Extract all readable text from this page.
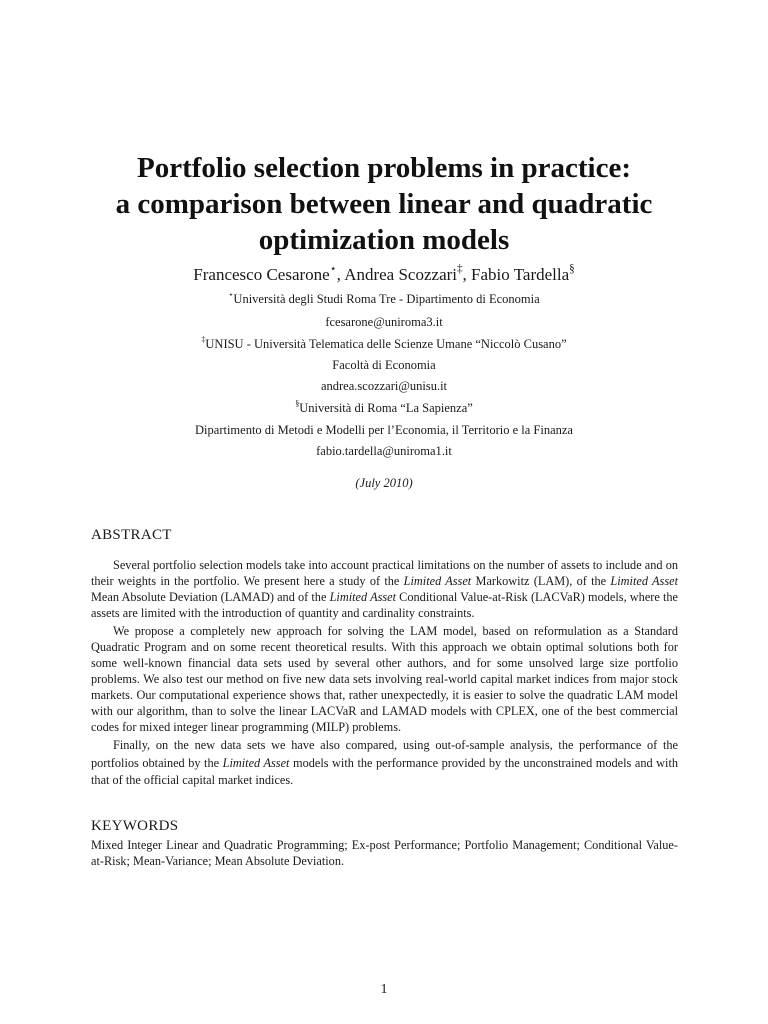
Portfolio selection problems in practice:
a comparison between linear and quadratic
optimization models
Francesco Cesarone⋆, Andrea Scozzari‡, Fabio Tardella§
⋆Università degli Studi Roma Tre - Dipartimento di Economia
fcesarone@uniroma3.it
‡UNISU - Università Telematica delle Scienze Umane “Niccolò Cusano”
Facoltà di Economia
andrea.scozzari@unisu.it
§Università di Roma “La Sapienza”
Dipartimento di Metodi e Modelli per l’Economia, il Territorio e la Finanza
fabio.tardella@uniroma1.it
(July 2010)
ABSTRACT

Several portfolio selection models take into account practical limitations on the number of assets to include and on their weights in the portfolio. We present here a study of the Limited Asset Markowitz (LAM), of the Limited Asset Mean Absolute Deviation (LAMAD) and of the Limited Asset Conditional Value-at-Risk (LACVaR) models, where the assets are limited with the introduction of quantity and cardinality constraints.

We propose a completely new approach for solving the LAM model, based on reformulation as a Standard Quadratic Program and on some recent theoretical results. With this approach we obtain optimal solutions both for some well-known financial data sets used by several other authors, and for some unsolved large size portfolio problems. We also test our method on five new data sets involving real-world capital market indices from major stock markets. Our computational experience shows that, rather unexpectedly, it is easier to solve the quadratic LAM model with our algorithm, than to solve the linear LACVaR and LAMAD models with CPLEX, one of the best commercial codes for mixed integer linear programming (MILP) problems.

Finally, on the new data sets we have also compared, using out-of-sample analysis, the performance of the portfolios obtained by the Limited Asset models with the performance provided by the unconstrained models and with that of the official capital market indices.

KEYWORDS

Mixed Integer Linear and Quadratic Programming; Ex-post Performance; Portfolio Management; Conditional Value-at-Risk; Mean-Variance; Mean Absolute Deviation.

1
